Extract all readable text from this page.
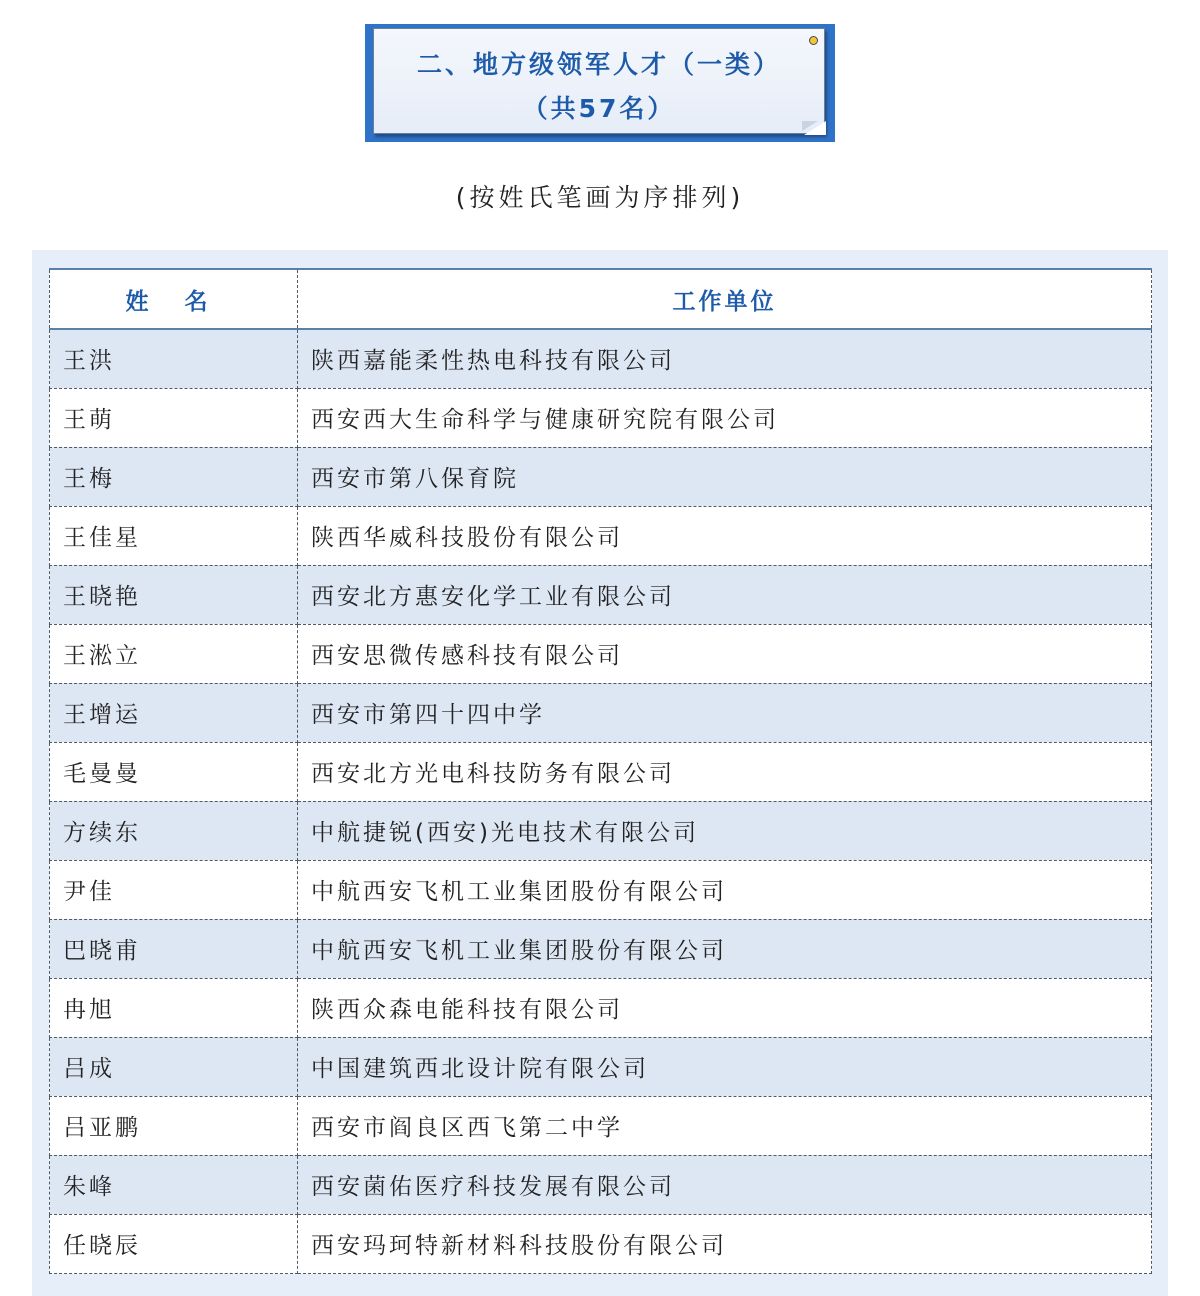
二、地方级领军人才（一类）
（共57名）
(按姓氏笔画为序排列)
姓 名	工作单位
王洪	陕西嘉能柔性热电科技有限公司
王萌	西安西大生命科学与健康研究院有限公司
王梅	西安市第八保育院
王佳星	陕西华威科技股份有限公司
王晓艳	西安北方惠安化学工业有限公司
王淞立	西安思微传感科技有限公司
王增运	西安市第四十四中学
毛曼曼	西安北方光电科技防务有限公司
方续东	中航捷锐(西安)光电技术有限公司
尹佳	中航西安飞机工业集团股份有限公司
巴晓甫	中航西安飞机工业集团股份有限公司
冉旭	陕西众森电能科技有限公司
吕成	中国建筑西北设计院有限公司
吕亚鹏	西安市阎良区西飞第二中学
朱峰	西安菌佑医疗科技发展有限公司
任晓辰	西安玛珂特新材料科技股份有限公司
